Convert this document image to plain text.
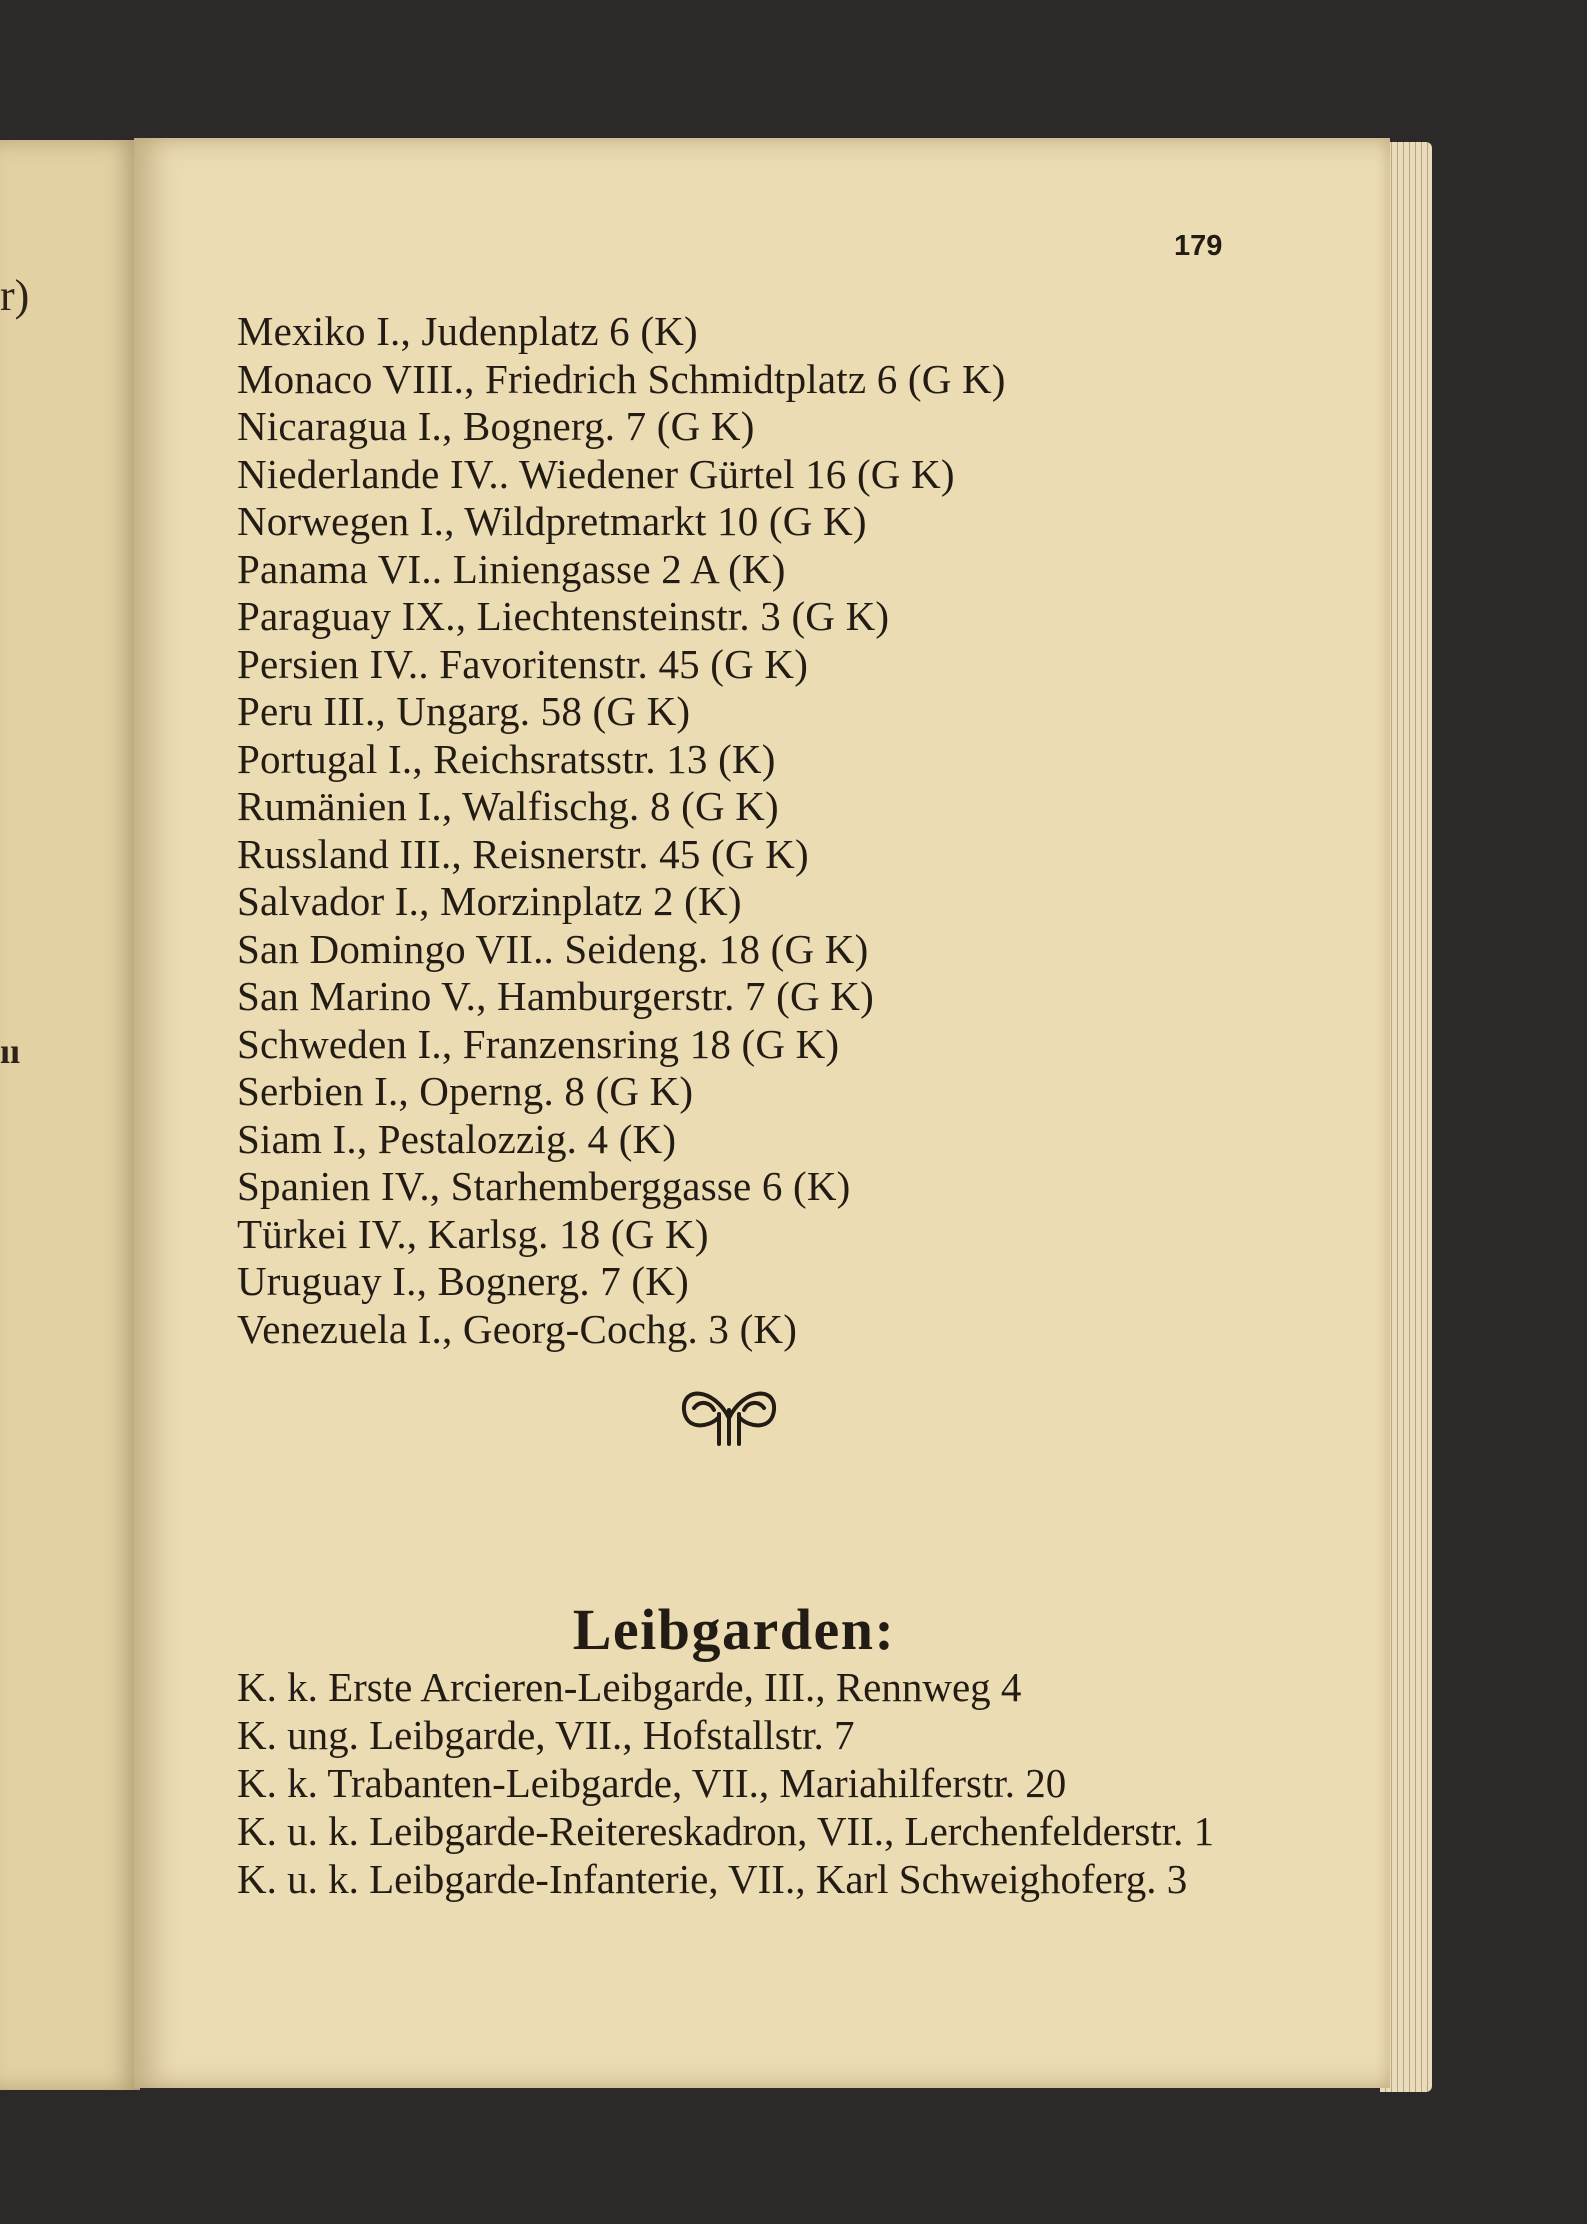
r)
ıı
179
Mexiko I., Judenplatz 6 (K)
Monaco VIII., Friedrich Schmidtplatz 6 (G K)
Nicaragua I., Bognerg. 7 (G K)
Niederlande IV.. Wiedener Gürtel 16 (G K)
Norwegen I., Wildpretmarkt 10 (G K)
Panama VI.. Liniengasse 2 A (K)
Paraguay IX., Liechtensteinstr. 3 (G K)
Persien IV.. Favoritenstr. 45 (G K)
Peru III., Ungarg. 58 (G K)
Portugal I., Reichsratsstr. 13 (K)
Rumänien I., Walfischg. 8 (G K)
Russland III., Reisnerstr. 45 (G K)
Salvador I., Morzinplatz 2 (K)
San Domingo VII.. Seideng. 18 (G K)
San Marino V., Hamburgerstr. 7 (G K)
Schweden I., Franzensring 18 (G K)
Serbien I., Operng. 8 (G K)
Siam I., Pestalozzig. 4 (K)
Spanien IV., Starhemberggasse 6 (K)
Türkei IV., Karlsg. 18 (G K)
Uruguay I., Bognerg. 7 (K)
Venezuela I., Georg-Cochg. 3 (K)
Leibgarden:
K. k. Erste Arcieren-Leibgarde, III., Rennweg 4
K. ung. Leibgarde, VII., Hofstallstr. 7
K. k. Trabanten-Leibgarde, VII., Mariahilferstr. 20
K. u. k. Leibgarde-Reitereskadron, VII., Lerchenfelderstr. 1
K. u. k. Leibgarde-Infanterie, VII., Karl Schweighoferg. 3
